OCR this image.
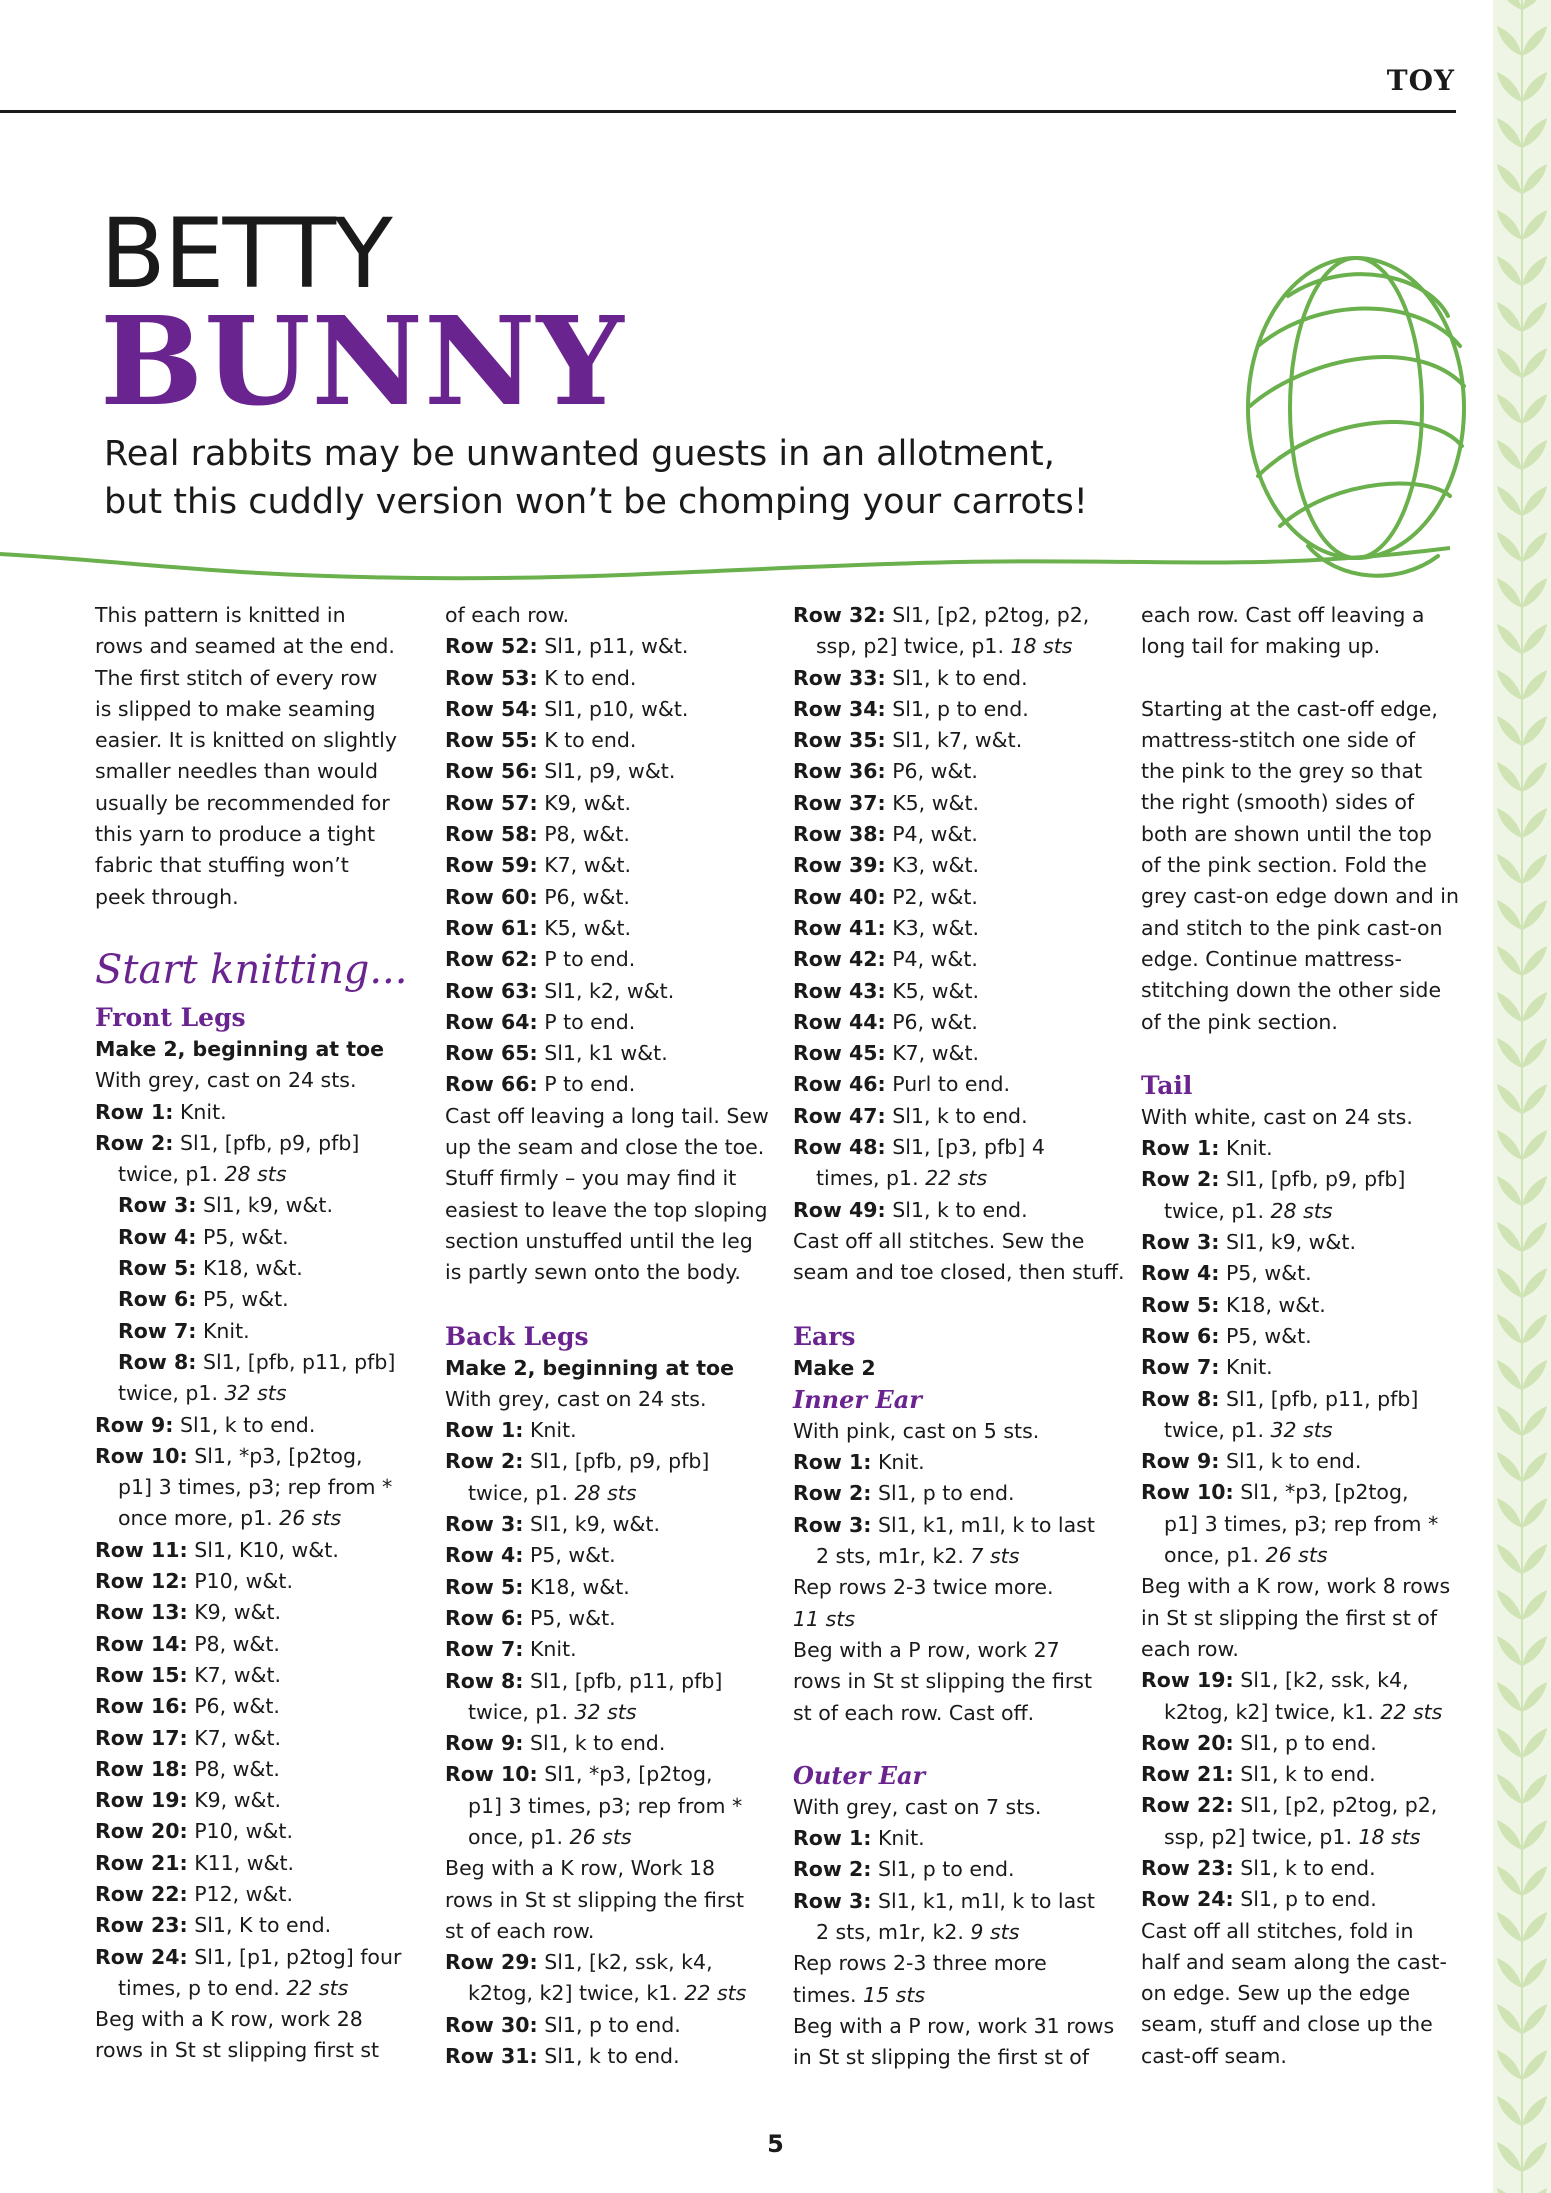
TOY
BETTY
BUNNY
Real rabbits may be unwanted guests in an allotment,
but this cuddly version won’t be chomping your carrots!

This pattern is knitted in

rows and seamed at the end.

The first stitch of every row

is slipped to make seaming

easier. It is knitted on slightly

smaller needles than would

usually be recommended for

this yarn to produce a tight

fabric that stuffing won’t

peek through.

Start knitting...
Front Legs

Make 2, beginning at toe

With grey, cast on 24 sts.

Row 1: Knit.

Row 2: Sl1, [pfb, p9, pfb]

twice, p1. 28 sts

Row 3: Sl1, k9, w&t.

Row 4: P5, w&t.

Row 5: K18, w&t.

Row 6: P5, w&t.

Row 7: Knit.

Row 8: Sl1, [pfb, p11, pfb]

twice, p1. 32 sts

Row 9: Sl1, k to end.

Row 10: Sl1, *p3, [p2tog,

p1] 3 times, p3; rep from *

once more, p1. 26 sts

Row 11: Sl1, K10, w&t.

Row 12: P10, w&t.

Row 13: K9, w&t.

Row 14: P8, w&t.

Row 15: K7, w&t.

Row 16: P6, w&t.

Row 17: K7, w&t.

Row 18: P8, w&t.

Row 19: K9, w&t.

Row 20: P10, w&t.

Row 21: K11, w&t.

Row 22: P12, w&t.

Row 23: Sl1, K to end.

Row 24: Sl1, [p1, p2tog] four

times, p to end. 22 sts

Beg with a K row, work 28

rows in St st slipping first st

of each row.

Row 52: Sl1, p11, w&t.

Row 53: K to end.

Row 54: Sl1, p10, w&t.

Row 55: K to end.

Row 56: Sl1, p9, w&t.

Row 57: K9, w&t.

Row 58: P8, w&t.

Row 59: K7, w&t.

Row 60: P6, w&t.

Row 61: K5, w&t.

Row 62: P to end.

Row 63: Sl1, k2, w&t.

Row 64: P to end.

Row 65: Sl1, k1 w&t.

Row 66: P to end.

Cast off leaving a long tail. Sew

up the seam and close the toe.

Stuff firmly – you may find it

easiest to leave the top sloping

section unstuffed until the leg

is partly sewn onto the body.

Back Legs

Make 2, beginning at toe

With grey, cast on 24 sts.

Row 1: Knit.

Row 2: Sl1, [pfb, p9, pfb]

twice, p1. 28 sts

Row 3: Sl1, k9, w&t.

Row 4: P5, w&t.

Row 5: K18, w&t.

Row 6: P5, w&t.

Row 7: Knit.

Row 8: Sl1, [pfb, p11, pfb]

twice, p1. 32 sts

Row 9: Sl1, k to end.

Row 10: Sl1, *p3, [p2tog,

p1] 3 times, p3; rep from *

once, p1. 26 sts

Beg with a K row, Work 18

rows in St st slipping the first

st of each row.

Row 29: Sl1, [k2, ssk, k4,

k2tog, k2] twice, k1. 22 sts

Row 30: Sl1, p to end.

Row 31: Sl1, k to end.

Row 32: Sl1, [p2, p2tog, p2,

ssp, p2] twice, p1. 18 sts

Row 33: Sl1, k to end.

Row 34: Sl1, p to end.

Row 35: Sl1, k7, w&t.

Row 36: P6, w&t.

Row 37: K5, w&t.

Row 38: P4, w&t.

Row 39: K3, w&t.

Row 40: P2, w&t.

Row 41: K3, w&t.

Row 42: P4, w&t.

Row 43: K5, w&t.

Row 44: P6, w&t.

Row 45: K7, w&t.

Row 46: Purl to end.

Row 47: Sl1, k to end.

Row 48: Sl1, [p3, pfb] 4

times, p1. 22 sts

Row 49: Sl1, k to end.

Cast off all stitches. Sew the

seam and toe closed, then stuff.

Ears

Make 2

Inner Ear

With pink, cast on 5 sts.

Row 1: Knit.

Row 2: Sl1, p to end.

Row 3: Sl1, k1, m1l, k to last

2 sts, m1r, k2. 7 sts

Rep rows 2-3 twice more.

11 sts

Beg with a P row, work 27

rows in St st slipping the first

st of each row. Cast off.

Outer Ear

With grey, cast on 7 sts.

Row 1: Knit.

Row 2: Sl1, p to end.

Row 3: Sl1, k1, m1l, k to last

2 sts, m1r, k2. 9 sts

Rep rows 2-3 three more

times. 15 sts

Beg with a P row, work 31 rows

in St st slipping the first st of

each row. Cast off leaving a

long tail for making up.

Starting at the cast-off edge,

mattress-stitch one side of

the pink to the grey so that

the right (smooth) sides of

both are shown until the top

of the pink section. Fold the

grey cast-on edge down and in

and stitch to the pink cast-on

edge. Continue mattress-

stitching down the other side

of the pink section.

Tail

With white, cast on 24 sts.

Row 1: Knit.

Row 2: Sl1, [pfb, p9, pfb]

twice, p1. 28 sts

Row 3: Sl1, k9, w&t.

Row 4: P5, w&t.

Row 5: K18, w&t.

Row 6: P5, w&t.

Row 7: Knit.

Row 8: Sl1, [pfb, p11, pfb]

twice, p1. 32 sts

Row 9: Sl1, k to end.

Row 10: Sl1, *p3, [p2tog,

p1] 3 times, p3; rep from *

once, p1. 26 sts

Beg with a K row, work 8 rows

in St st slipping the first st of

each row.

Row 19: Sl1, [k2, ssk, k4,

k2tog, k2] twice, k1. 22 sts

Row 20: Sl1, p to end.

Row 21: Sl1, k to end.

Row 22: Sl1, [p2, p2tog, p2,

ssp, p2] twice, p1. 18 sts

Row 23: Sl1, k to end.

Row 24: Sl1, p to end.

Cast off all stitches, fold in

half and seam along the cast-

on edge. Sew up the edge

seam, stuff and close up the

cast-off seam.

5
